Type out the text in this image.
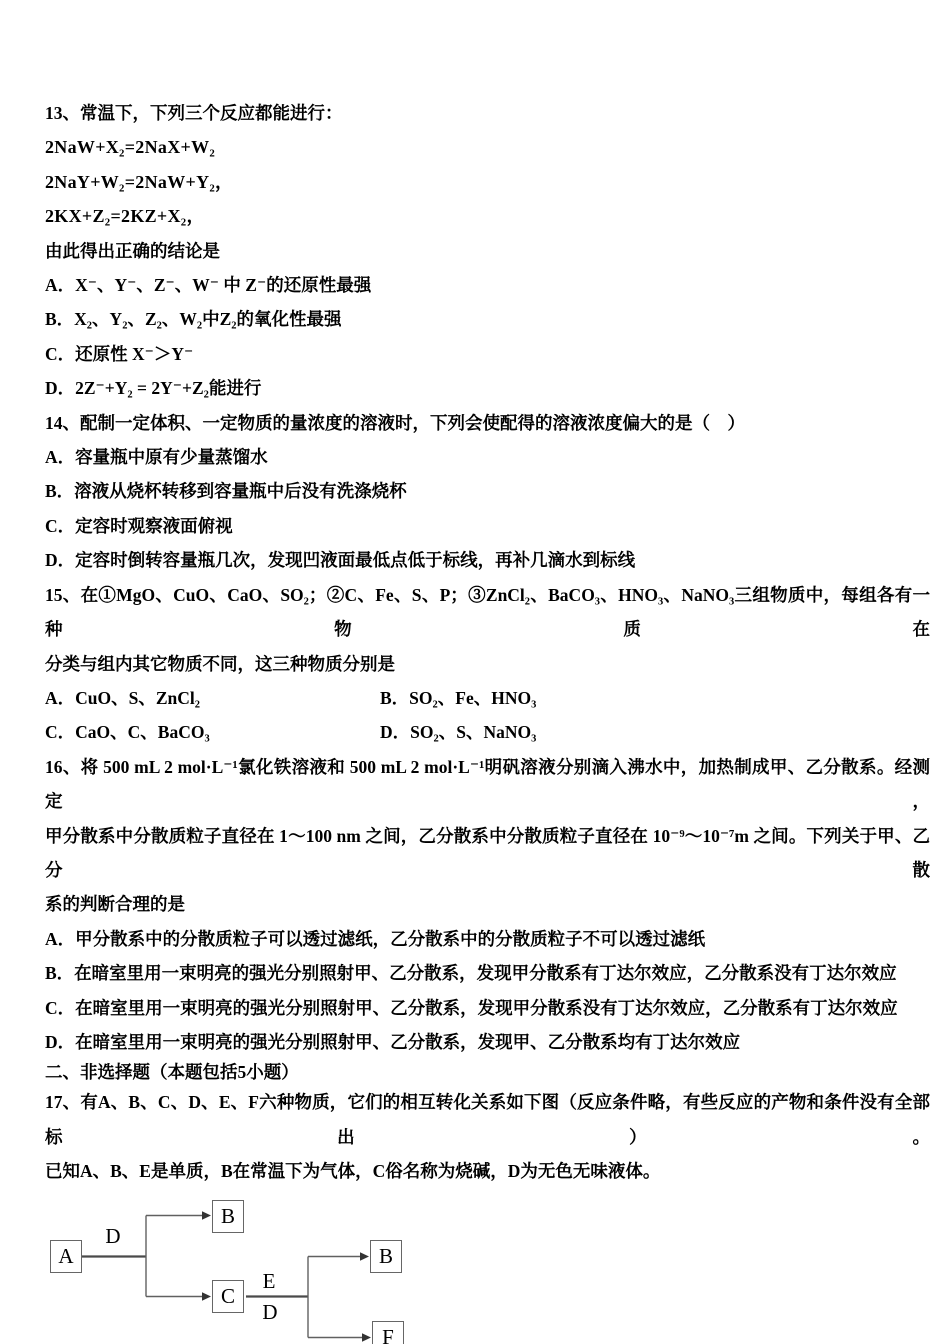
13、常温下，下列三个反应都能进行：

2NaW+X₂=2NaX+W₂

2NaY+W₂=2NaW+Y₂，

2KX+Z₂=2KZ+X₂，

由此得出正确的结论是

A．X⁻、Y⁻、Z⁻、W⁻ 中 Z⁻的还原性最强

B．X₂、Y₂、Z₂、W₂中Z₂的氧化性最强

C．还原性 X⁻＞Y⁻

D．2Z⁻+Y₂ = 2Y⁻+Z₂能进行

14、配制一定体积、一定物质的量浓度的溶液时，下列会使配得的溶液浓度偏大的是（　）

A．容量瓶中原有少量蒸馏水

B．溶液从烧杯转移到容量瓶中后没有洗涤烧杯

C．定容时观察液面俯视

D．定容时倒转容量瓶几次，发现凹液面最低点低于标线，再补几滴水到标线

15、在①MgO、CuO、CaO、SO₂；②C、Fe、S、P；③ZnCl₂、BaCO₃、HNO₃、NaNO₃三组物质中，每组各有一种物质在

分类与组内其它物质不同，这三种物质分别是

A．CuO、S、ZnCl₂	B．SO₂、Fe、HNO₃

C．CaO、C、BaCO₃	D．SO₂、S、NaNO₃

16、将 500 mL 2 mol·L⁻¹氯化铁溶液和 500 mL 2 mol·L⁻¹明矾溶液分别滴入沸水中，加热制成甲、乙分散系。经测定，

甲分散系中分散质粒子直径在 1～100 nm 之间，乙分散系中分散质粒子直径在 10⁻⁹～10⁻⁷m 之间。下列关于甲、乙分散

系的判断合理的是

A．甲分散系中的分散质粒子可以透过滤纸，乙分散系中的分散质粒子不可以透过滤纸

B．在暗室里用一束明亮的强光分别照射甲、乙分散系，发现甲分散系有丁达尔效应，乙分散系没有丁达尔效应

C．在暗室里用一束明亮的强光分别照射甲、乙分散系，发现甲分散系没有丁达尔效应，乙分散系有丁达尔效应

D．在暗室里用一束明亮的强光分别照射甲、乙分散系，发现甲、乙分散系均有丁达尔效应

二、非选择题（本题包括5小题）

17、有A、B、C、D、E、F六种物质，它们的相互转化关系如下图（反应条件略，有些反应的产物和条件没有全部标出）。

已知A、B、E是单质，B在常温下为气体，C俗名称为烧碱，D为无色无味液体。

A
B
C
B
F
D
E
D
